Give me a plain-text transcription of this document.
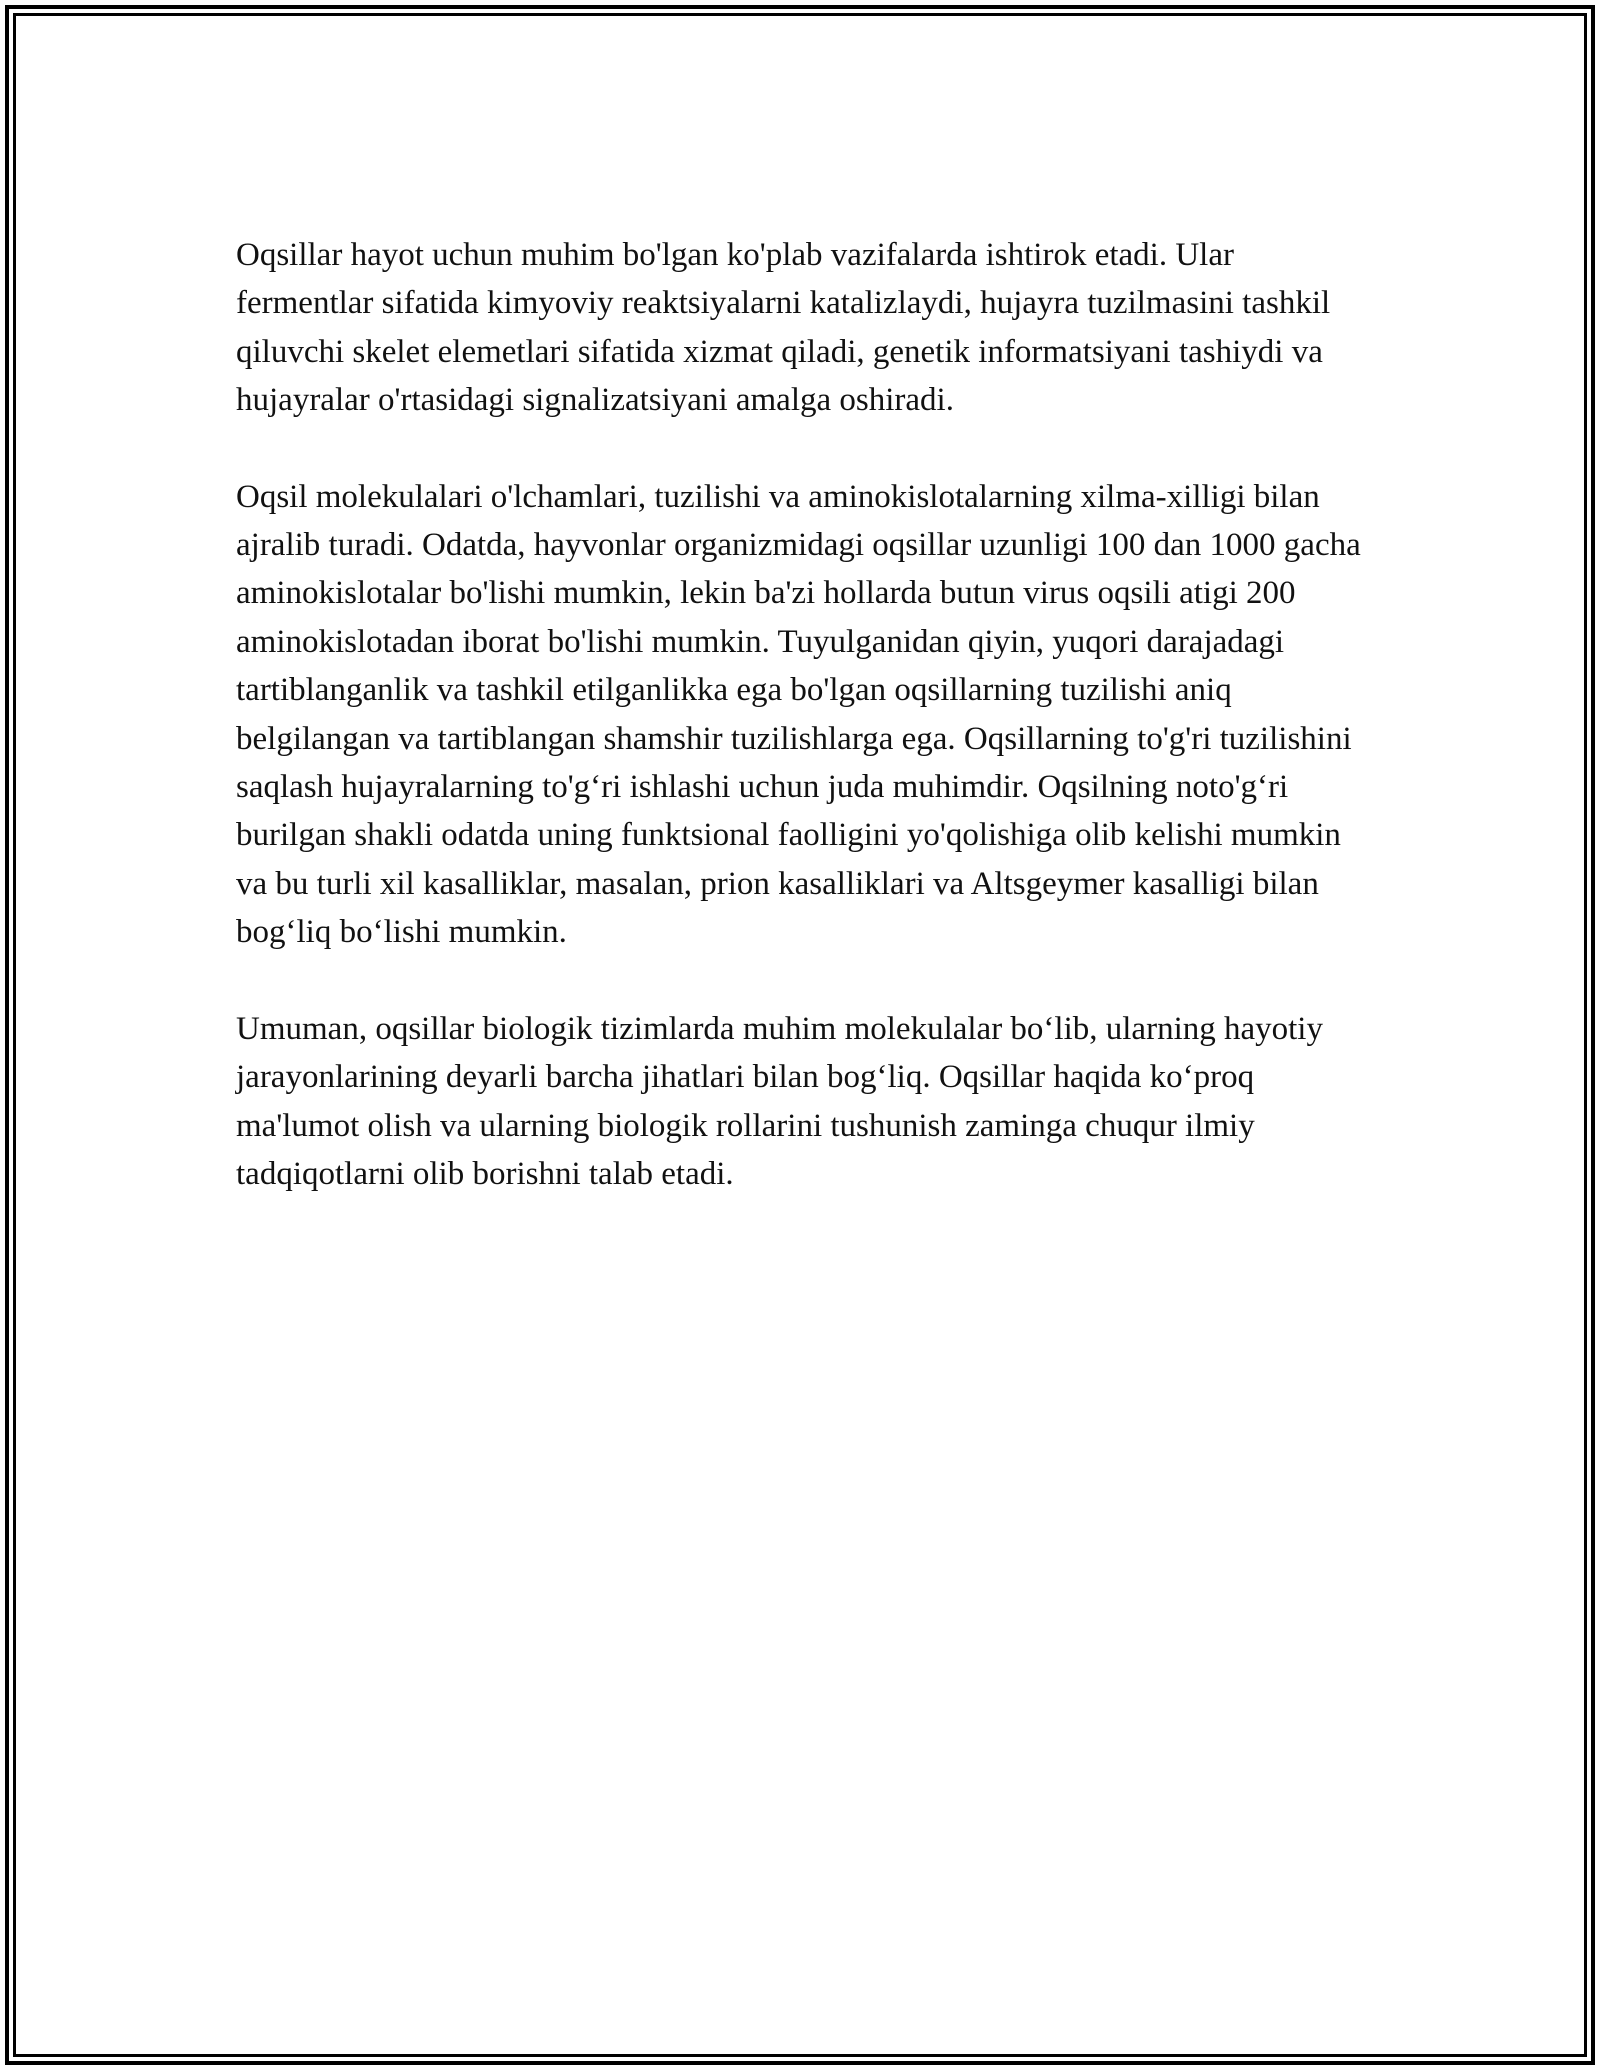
Oqsillar hayot uchun muhim bo'lgan ko'plab vazifalarda ishtirok etadi. Ular fermentlar sifatida kimyoviy reaktsiyalarni katalizlaydi, hujayra tuzilmasini tashkil qiluvchi skelet elemetlari sifatida xizmat qiladi, genetik informatsiyani tashiydi va hujayralar o'rtasidagi signalizatsiyani amalga oshiradi.

Oqsil molekulalari o'lchamlari, tuzilishi va aminokislotalarning xilma-xilligi bilan ajralib turadi. Odatda, hayvonlar organizmidagi oqsillar uzunligi 100 dan 1000 gacha aminokislotalar bo'lishi mumkin, lekin ba'zi hollarda butun virus oqsili atigi 200 aminokislotadan iborat bo'lishi mumkin. Tuyulganidan qiyin, yuqori darajadagi tartiblanganlik va tashkil etilganlikka ega bo'lgan oqsillarning tuzilishi aniq belgilangan va tartiblangan shamshir tuzilishlarga ega. Oqsillarning to'g'ri tuzilishini saqlash hujayralarning to'g‘ri ishlashi uchun juda muhimdir. Oqsilning noto'g‘ri burilgan shakli odatda uning funktsional faolligini yo'qolishiga olib kelishi mumkin va bu turli xil kasalliklar, masalan, prion kasalliklari va Altsgeymer kasalligi bilan bog‘liq bo‘lishi mumkin.

Umuman, oqsillar biologik tizimlarda muhim molekulalar bo‘lib, ularning hayotiy jarayonlarining deyarli barcha jihatlari bilan bog‘liq. Oqsillar haqida ko‘proq ma'lumot olish va ularning biologik rollarini tushunish zaminga chuqur ilmiy tadqiqotlarni olib borishni talab etadi.
